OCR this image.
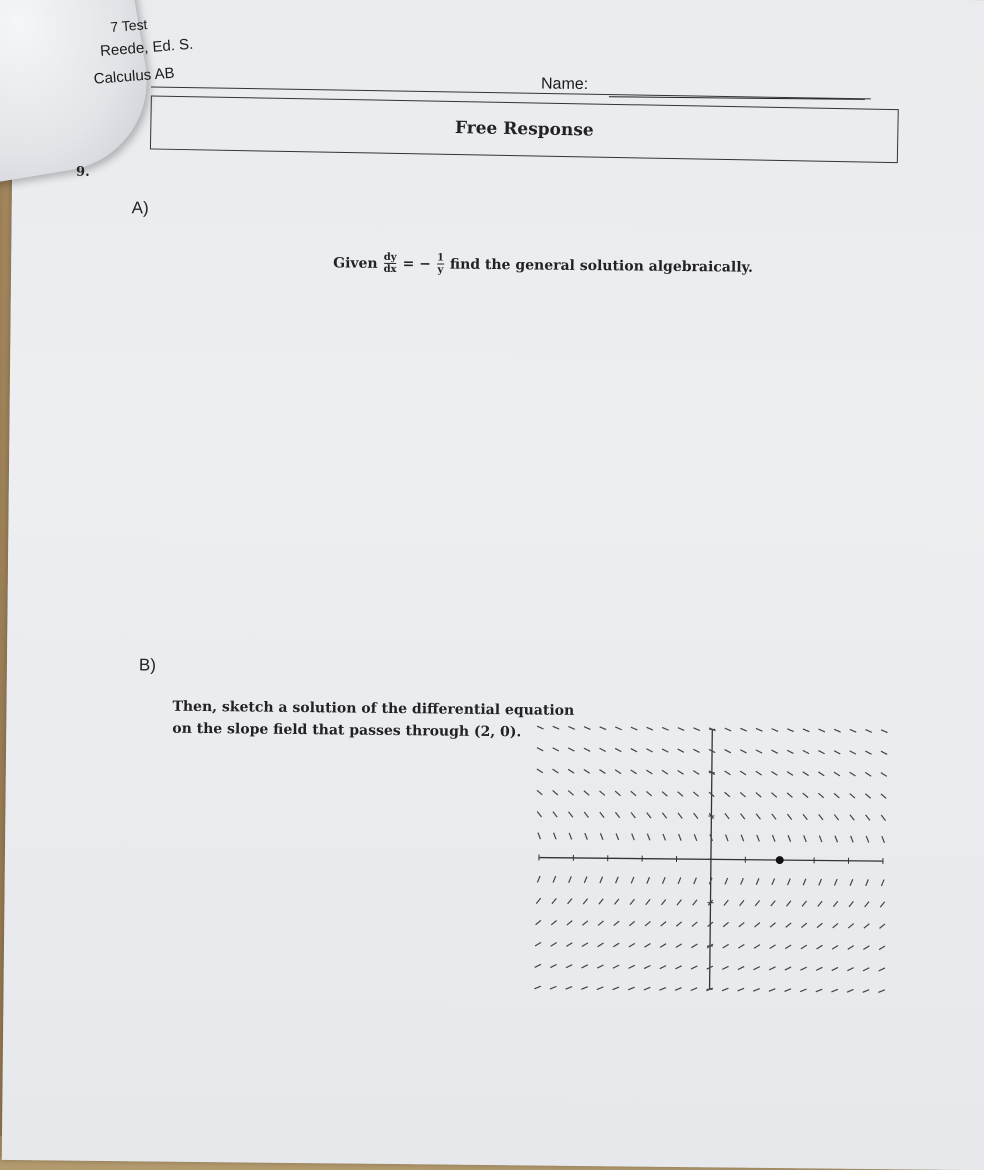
7 Test
Reede, Ed. S.
Calculus AB	Name:
Free Response
9.
A)
Given $\frac{dy}{dx}$ = − $\frac{1}{y}$ find the general solution algebraically.
B)
Then, sketch a solution of the differential equation
on the slope field that passes through (2, 0).
